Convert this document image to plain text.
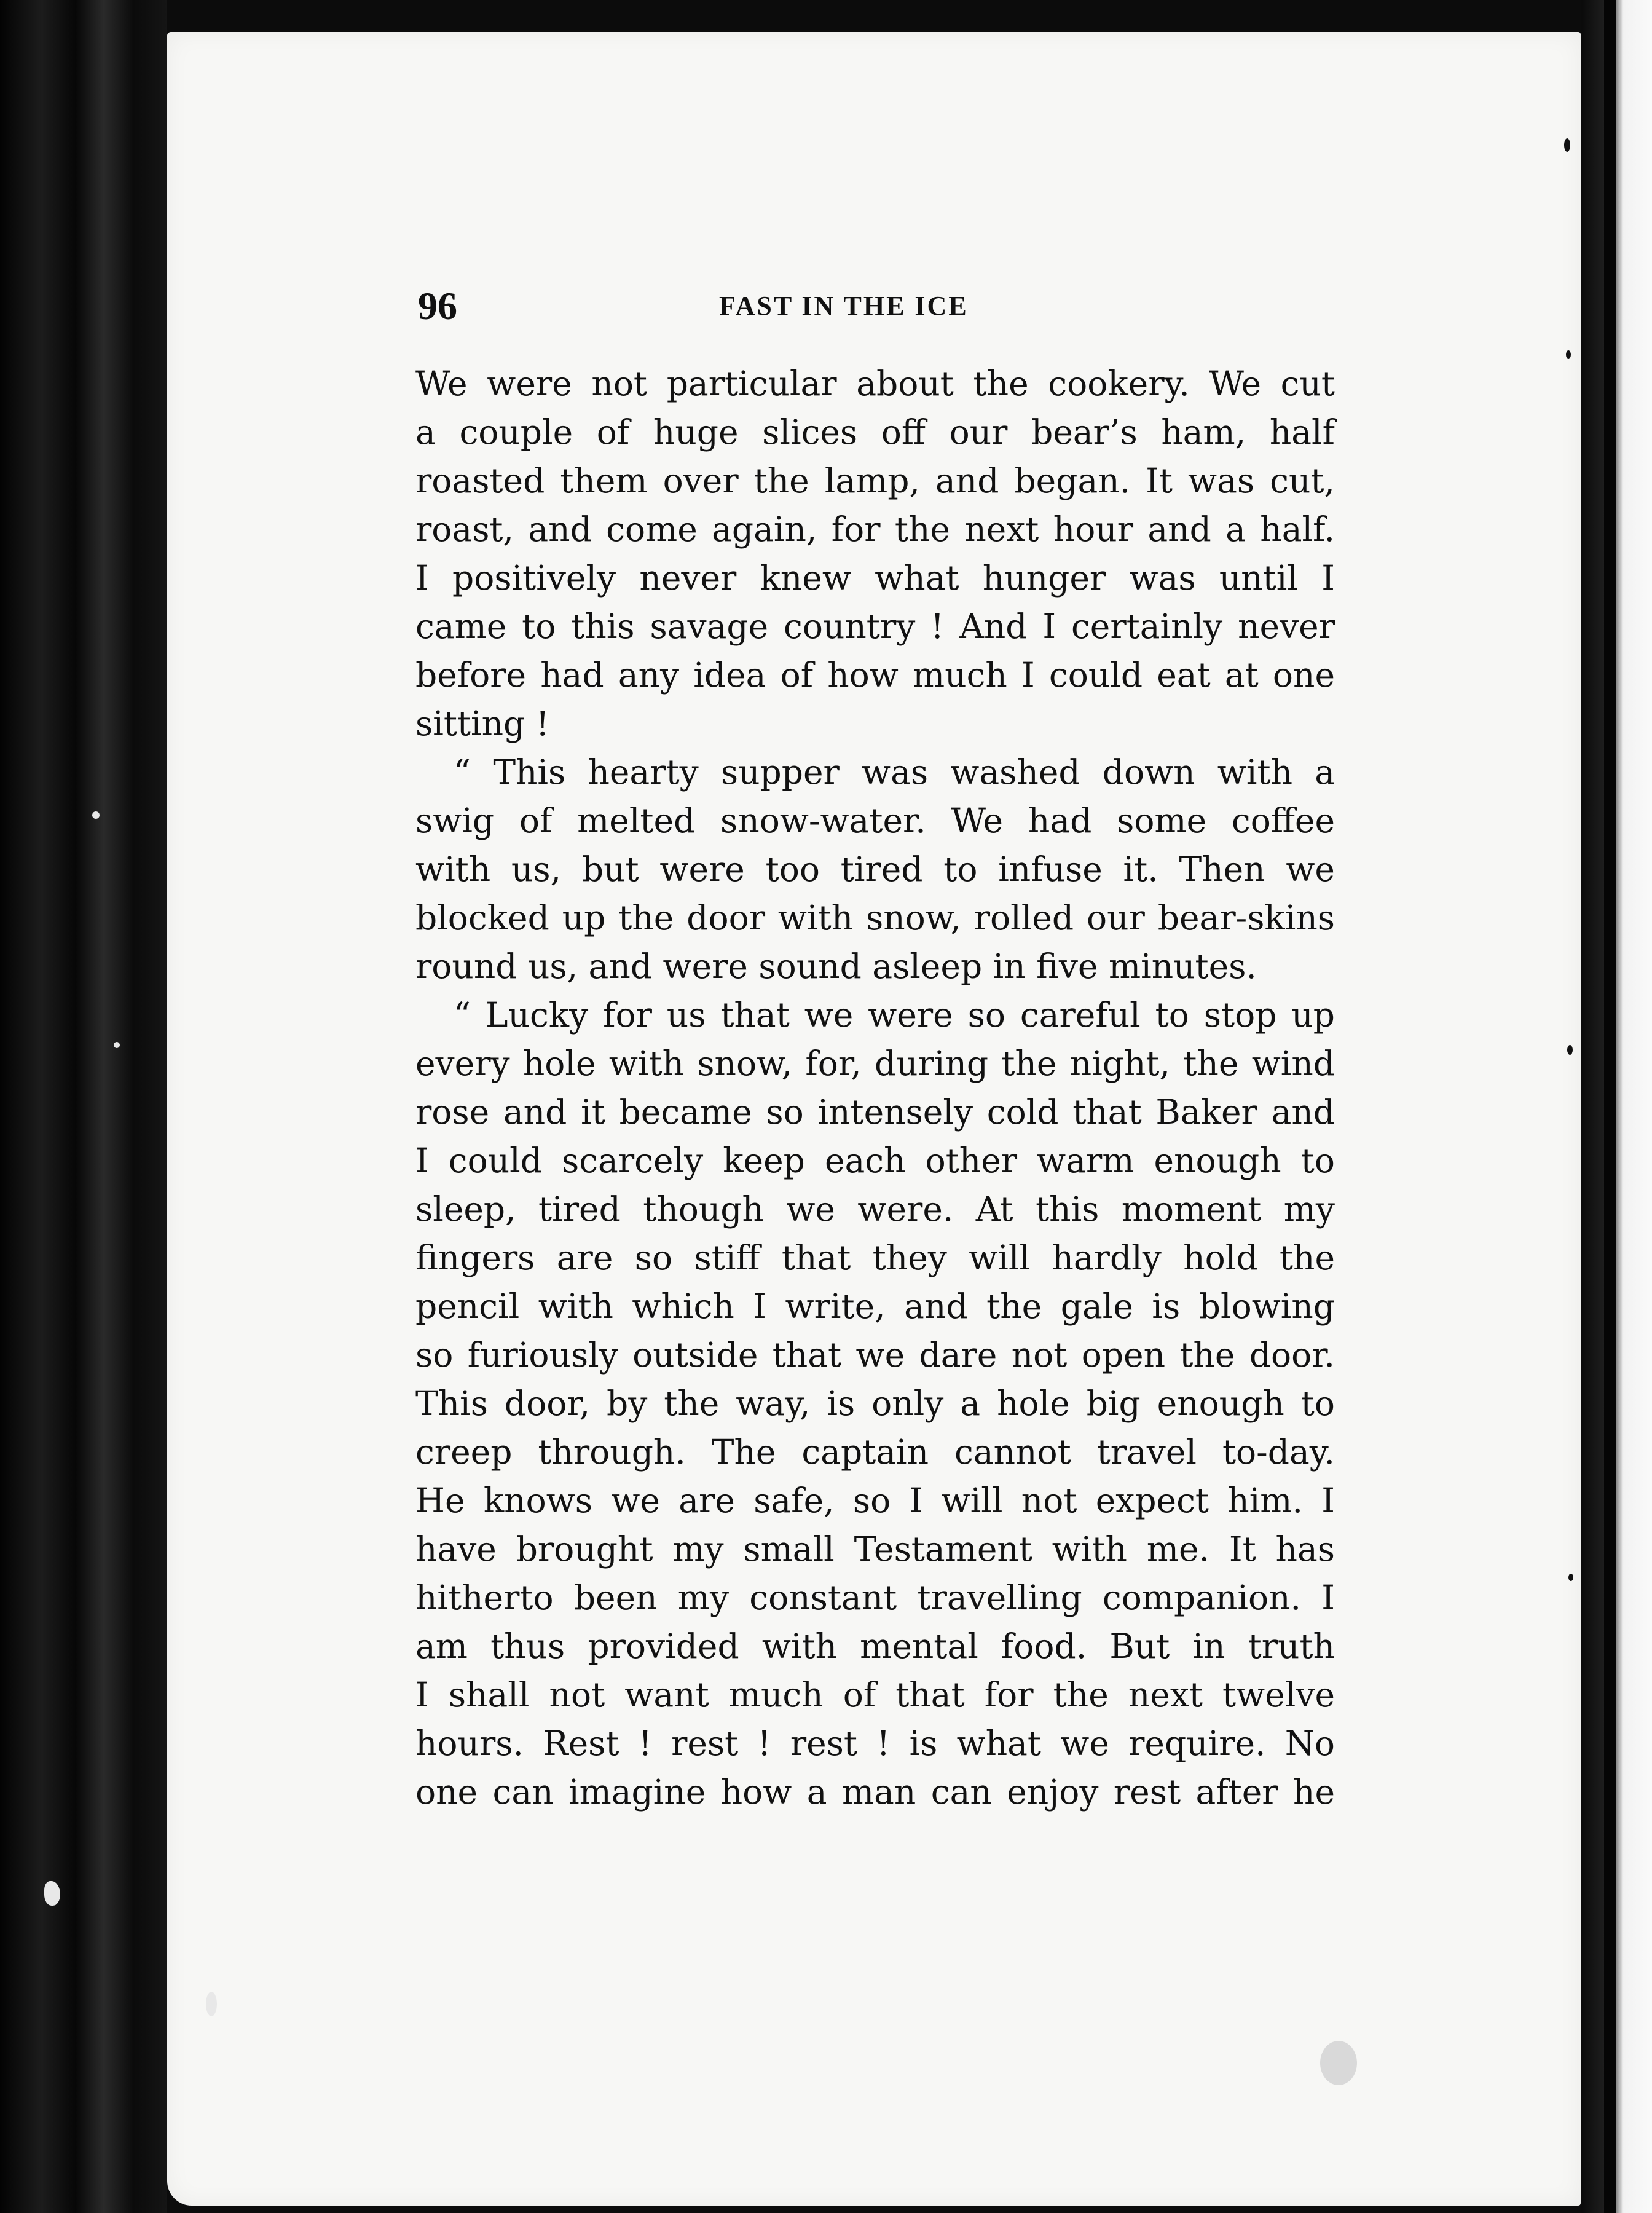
96	FAST IN THE ICE
We were not particular about the cookery. We cut
a couple of huge slices off our bear’s ham, half
roasted them over the lamp, and began. It was cut,
roast, and come again, for the next hour and a half.
I positively never knew what hunger was until I
came to this savage country ! And I certainly never
before had any idea of how much I could eat at one
sitting !
“ This hearty supper was washed down with a
swig of melted snow-water. We had some coffee
with us, but were too tired to infuse it. Then we
blocked up the door with snow, rolled our bear-skins
round us, and were sound asleep in five minutes.
“ Lucky for us that we were so careful to stop up
every hole with snow, for, during the night, the wind
rose and it became so intensely cold that Baker and
I could scarcely keep each other warm enough to
sleep, tired though we were. At this moment my
fingers are so stiff that they will hardly hold the
pencil with which I write, and the gale is blowing
so furiously outside that we dare not open the door.
This door, by the way, is only a hole big enough to
creep through. The captain cannot travel to-day.
He knows we are safe, so I will not expect him. I
have brought my small Testament with me. It has
hitherto been my constant travelling companion. I
am thus provided with mental food. But in truth
I shall not want much of that for the next twelve
hours. Rest ! rest ! rest ! is what we require. No
one can imagine how a man can enjoy rest after he
